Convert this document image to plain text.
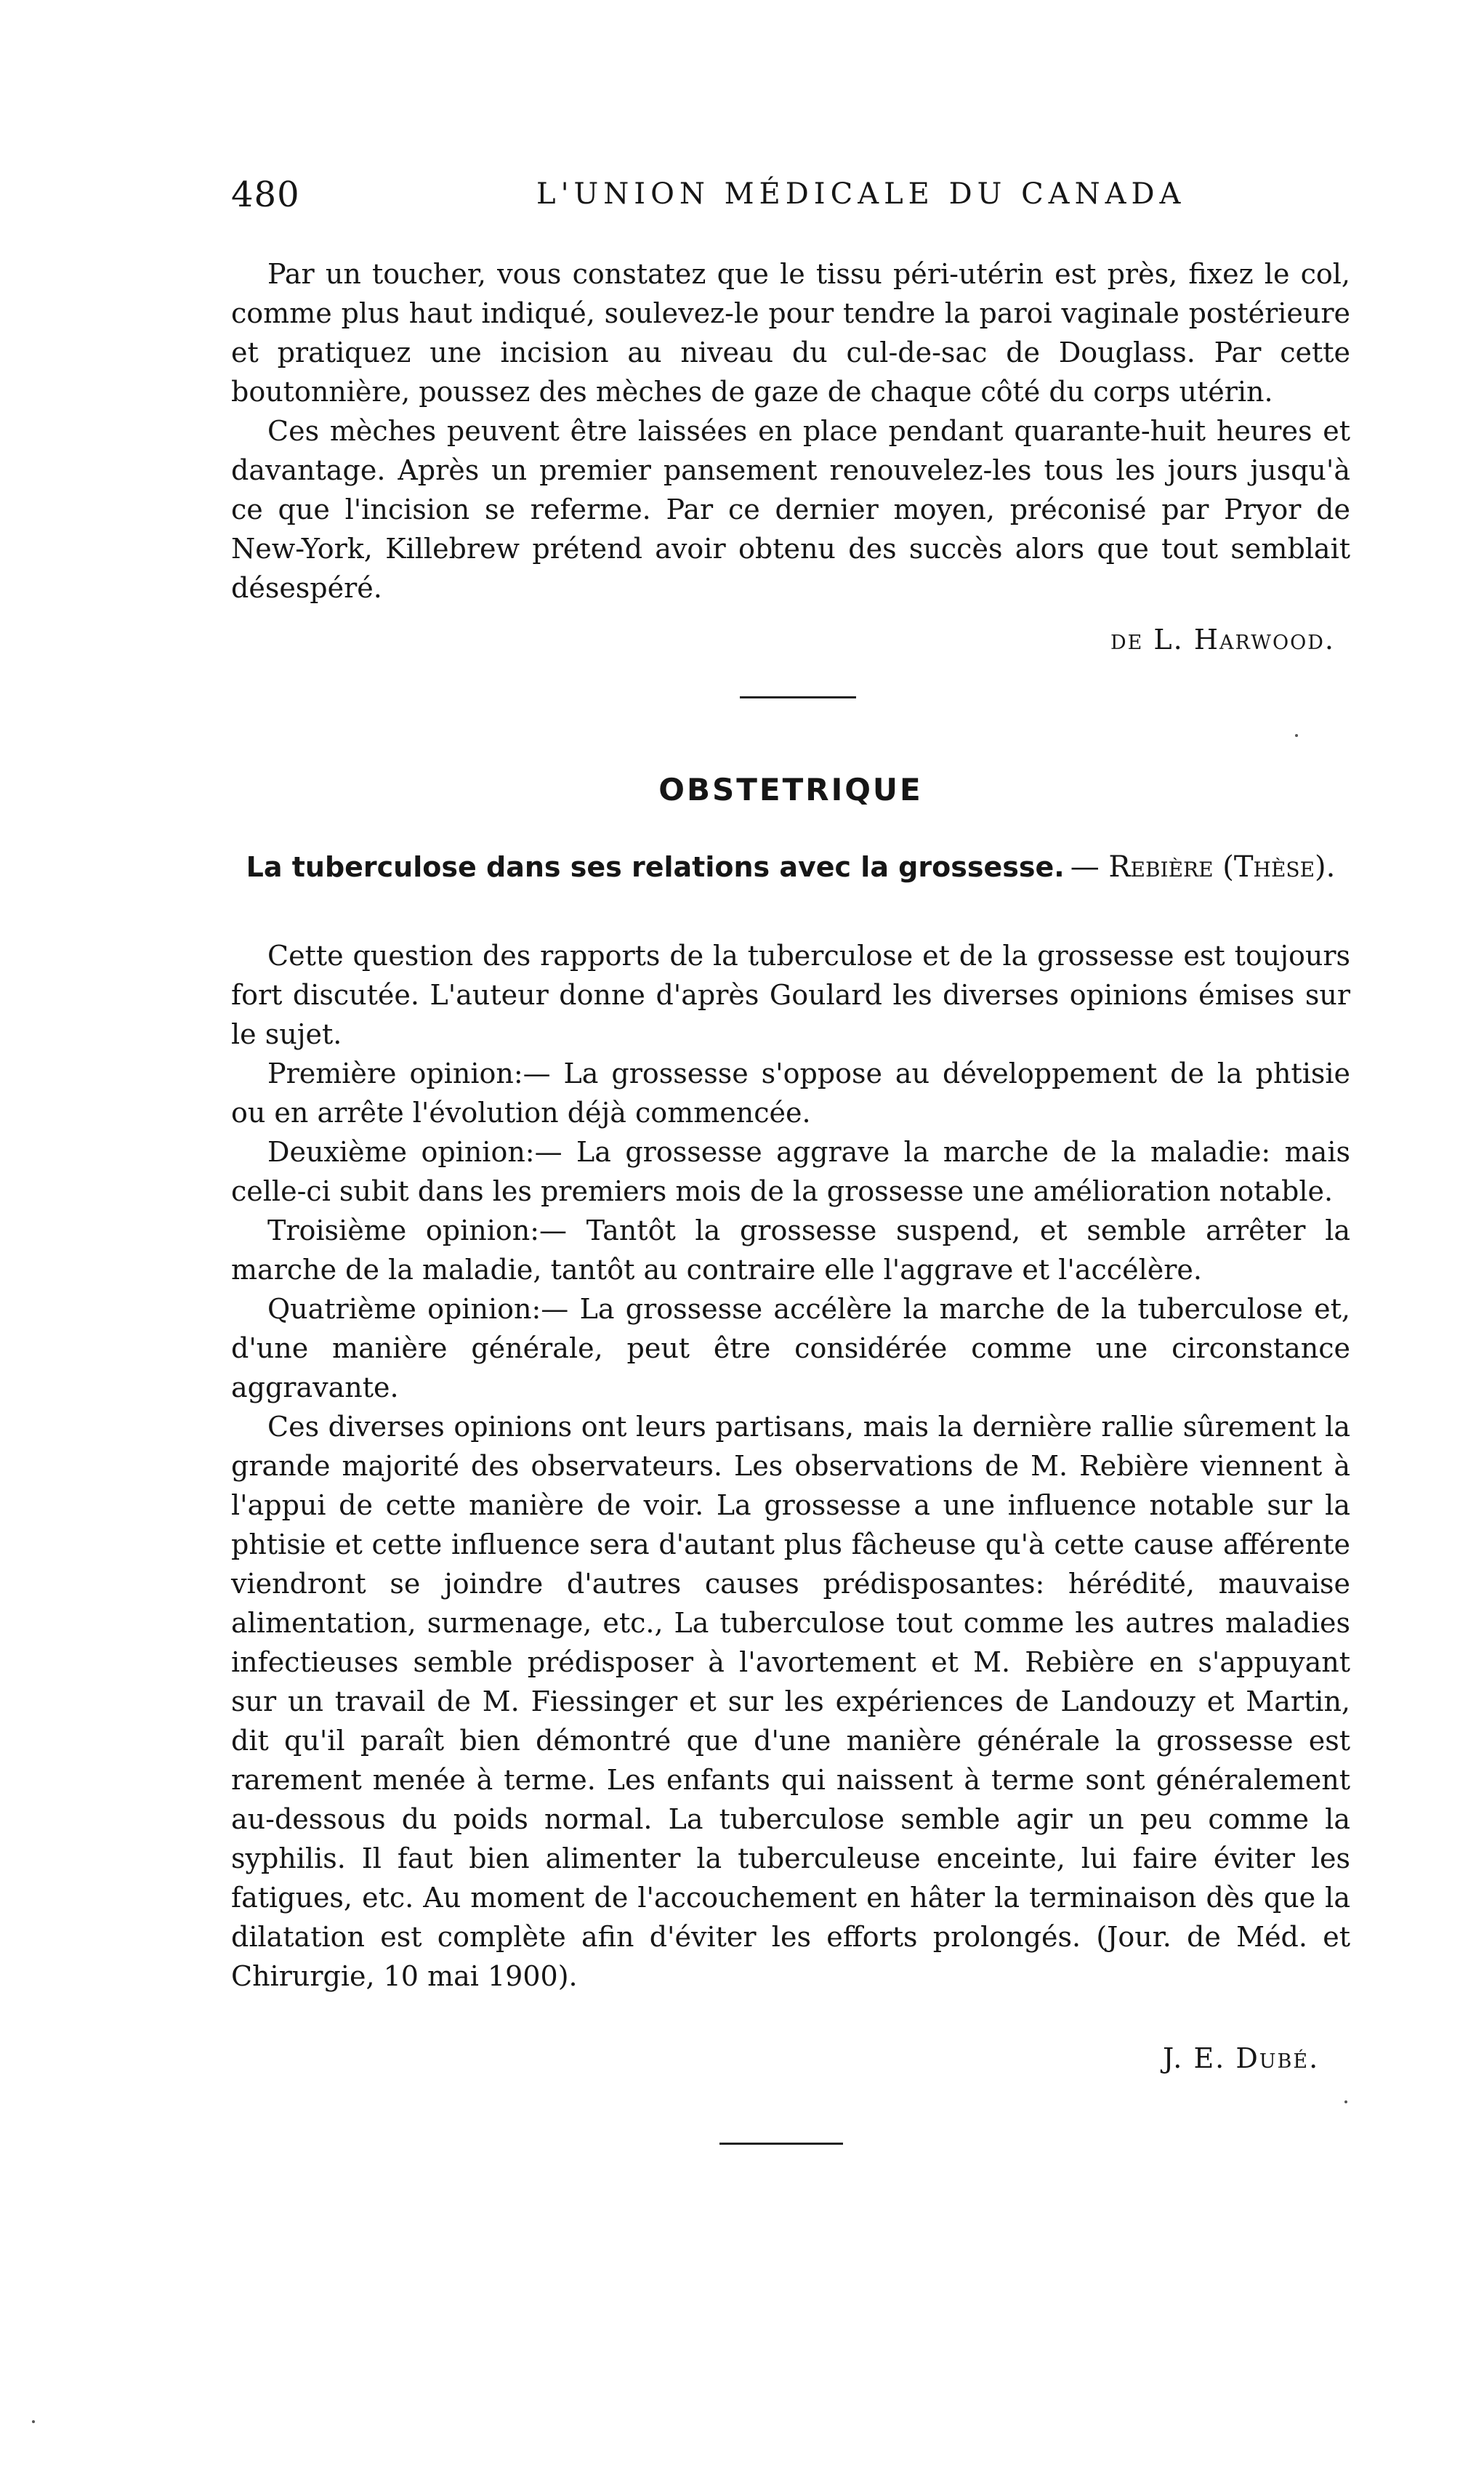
480	L'UNION MÉDICALE DU CANADA

Par un toucher, vous constatez que le tissu péri-utérin est près, fixez le col, comme plus haut indiqué, soulevez-le pour tendre la paroi vaginale postérieure et pratiquez une incision au niveau du cul-de-sac de Douglass. Par cette boutonnière, poussez des mèches de gaze de chaque côté du corps utérin.

Ces mèches peuvent être laissées en place pendant quarante-huit heures et davantage. Après un premier pansement renouvelez-les tous les jours jusqu'à ce que l'incision se referme. Par ce dernier moyen, préconisé par Pryor de New-York, Killebrew prétend avoir obtenu des succès alors que tout semblait désespéré.

de L. Harwood.
OBSTETRIQUE
La tuberculose dans ses relations avec la grossesse. — Rebière (Thèse).

Cette question des rapports de la tuberculose et de la grossesse est toujours fort discutée. L'auteur donne d'après Goulard les diverses opinions émises sur le sujet.

Première opinion:— La grossesse s'oppose au développement de la phtisie ou en arrête l'évolution déjà commencée.

Deuxième opinion:— La grossesse aggrave la marche de la maladie: mais celle-ci subit dans les premiers mois de la grossesse une amélioration notable.

Troisième opinion:— Tantôt la grossesse suspend, et semble arrêter la marche de la maladie, tantôt au contraire elle l'aggrave et l'accélère.

Quatrième opinion:— La grossesse accélère la marche de la tuberculose et, d'une manière générale, peut être considérée comme une circonstance aggravante.

Ces diverses opinions ont leurs partisans, mais la dernière rallie sûrement la grande majorité des observateurs. Les observations de M. Rebière viennent à l'appui de cette manière de voir. La grossesse a une influence notable sur la phtisie et cette influence sera d'autant plus fâcheuse qu'à cette cause afférente viendront se joindre d'autres causes prédisposantes: hérédité, mauvaise alimentation, surmenage, etc., La tuberculose tout comme les autres maladies infectieuses semble prédisposer à l'avortement et M. Rebière en s'appuyant sur un travail de M. Fiessinger et sur les expériences de Landouzy et Martin, dit qu'il paraît bien démontré que d'une manière générale la grossesse est rarement menée à terme. Les enfants qui naissent à terme sont généralement au-dessous du poids normal. La tuberculose semble agir un peu comme la syphilis. Il faut bien alimenter la tuberculeuse enceinte, lui faire éviter les fatigues, etc. Au moment de l'accouchement en hâter la terminaison dès que la dilatation est complète afin d'éviter les efforts prolongés. (Jour. de Méd. et Chirurgie, 10 mai 1900).

J. E. Dubé.
